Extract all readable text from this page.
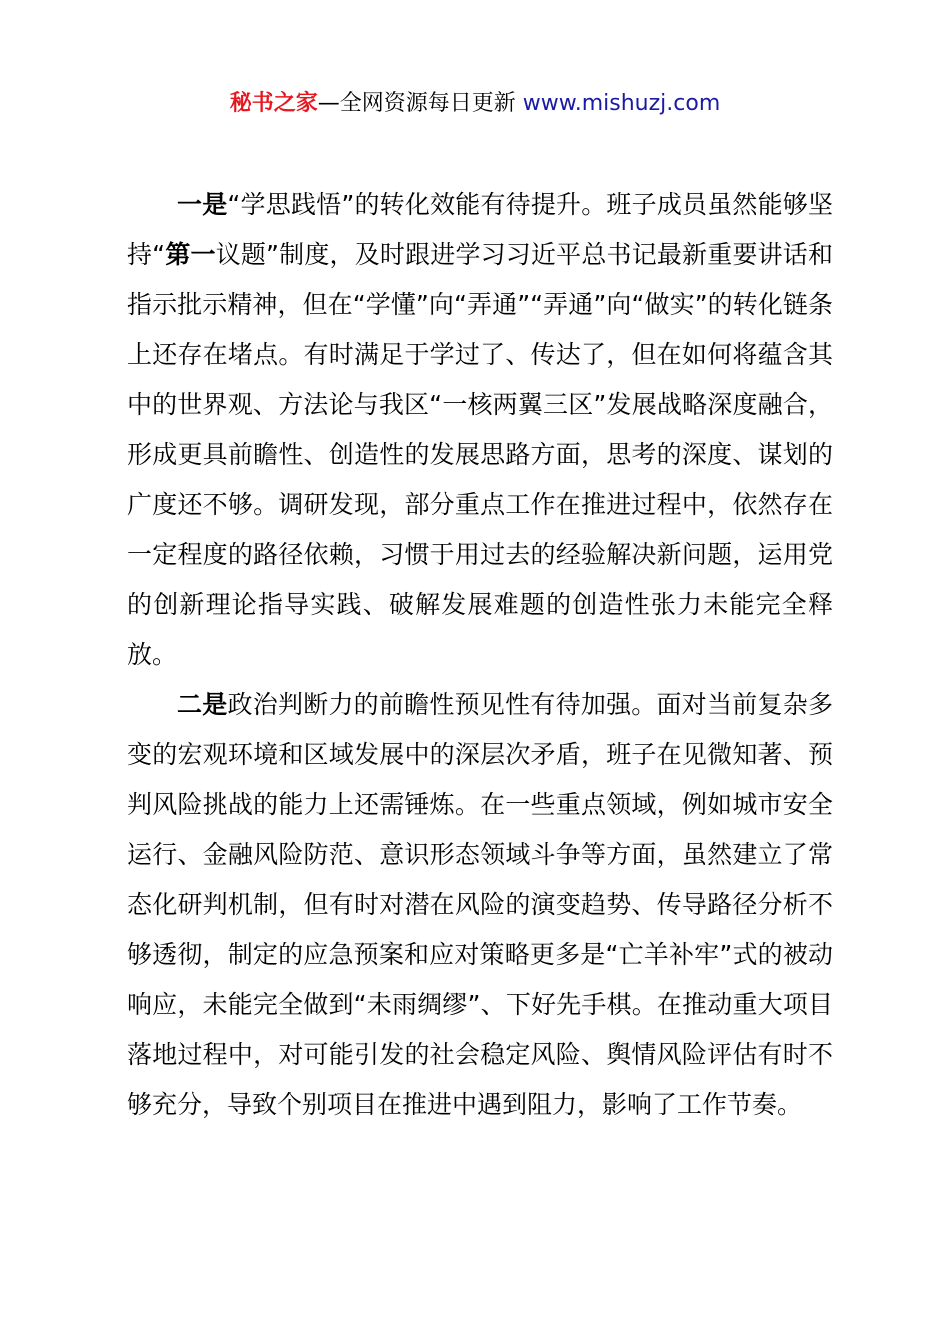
秘书之家—全网资源每日更新 www.mishuzj.com

一是“学思践悟”的转化效能有待提升。班子成员虽然能够坚持“第一议题”制度，及时跟进学习习近平总书记最新重要讲话和指示批示精神，但在“学懂”向“弄通”“弄通”向“做实”的转化链条上还存在堵点。有时满足于学过了、传达了，但在如何将蕴含其中的世界观、方法论与我区“一核两翼三区”发展战略深度融合，形成更具前瞻性、创造性的发展思路方面，思考的深度、谋划的广度还不够。调研发现，部分重点工作在推进过程中，依然存在一定程度的路径依赖，习惯于用过去的经验解决新问题，运用党的创新理论指导实践、破解发展难题的创造性张力未能完全释放。

二是政治判断力的前瞻性预见性有待加强。面对当前复杂多变的宏观环境和区域发展中的深层次矛盾，班子在见微知著、预判风险挑战的能力上还需锤炼。在一些重点领域，例如城市安全运行、金融风险防范、意识形态领域斗争等方面，虽然建立了常态化研判机制，但有时对潜在风险的演变趋势、传导路径分析不够透彻，制定的应急预案和应对策略更多是“亡羊补牢”式的被动响应，未能完全做到“未雨绸缪”、下好先手棋。在推动重大项目落地过程中，对可能引发的社会稳定风险、舆情风险评估有时不够充分，导致个别项目在推进中遇到阻力，影响了工作节奏。
